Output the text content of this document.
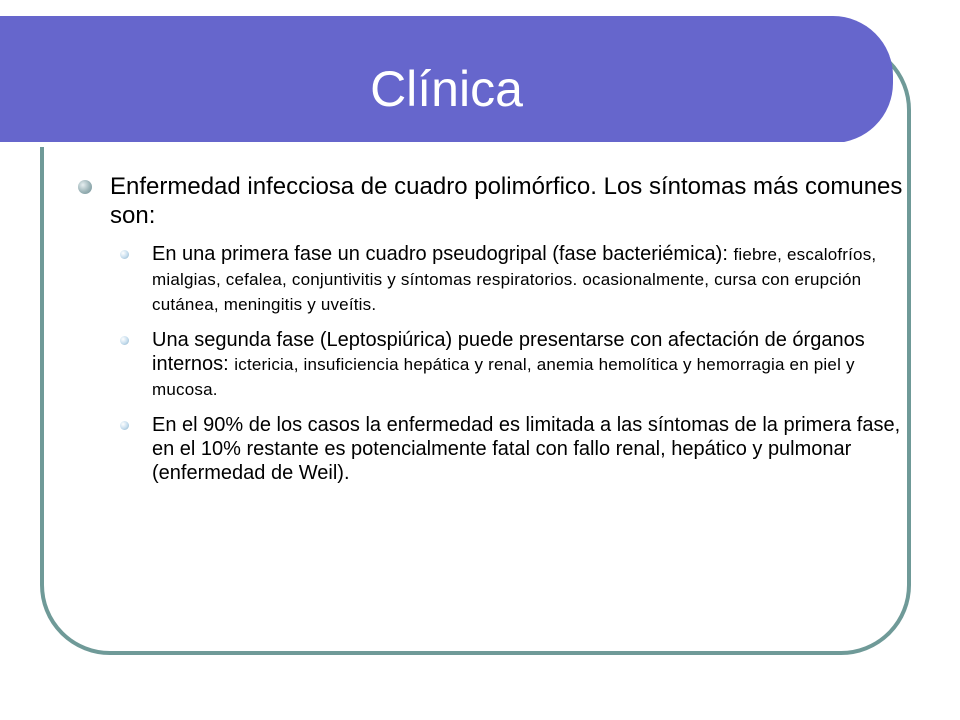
Clínica
Enfermedad infecciosa de cuadro polimórfico. Los síntomas más comunes son:
En una primera fase un cuadro pseudogripal (fase bacteriémica): fiebre, escalofríos, mialgias, cefalea, conjuntivitis y síntomas respiratorios. ocasionalmente, cursa con erupción cutánea, meningitis y uveítis.
Una segunda fase (Leptospiúrica) puede presentarse con afectación de órganos internos: ictericia, insuficiencia hepática y renal, anemia hemolítica y hemorragia en piel y mucosa.
En el 90% de los casos la enfermedad es limitada a las síntomas de la primera fase, en el 10% restante es potencialmente fatal con fallo renal, hepático y pulmonar (enfermedad de Weil).
